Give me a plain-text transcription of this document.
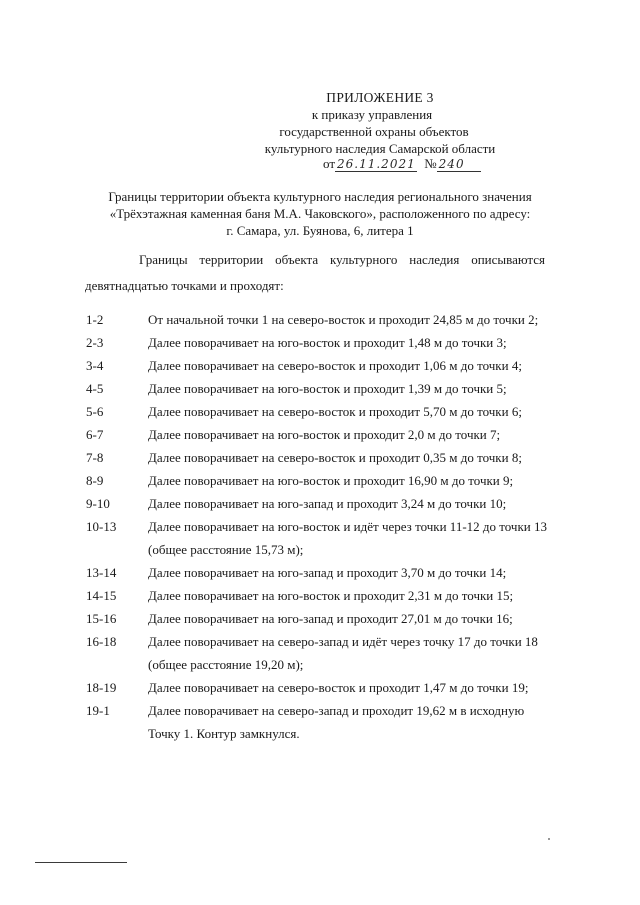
ПРИЛОЖЕНИЕ 3
к приказу управления
государственной охраны объектов
культурного наследия Самарской области
от 26.11.2021 № 240
Границы территории объекта культурного наследия регионального значения
«Трёхэтажная каменная баня М.А. Чаковского», расположенного по адресу:
г. Самара, ул. Буянова, 6, литера 1
Границы территории объекта культурного наследия описываются
девятнадцатью точками и проходят:
1-2	От начальной точки 1 на северо-восток и проходит 24,85 м до точки 2;
2-3	Далее поворачивает на юго-восток и проходит 1,48 м до точки 3;
3-4	Далее поворачивает на северо-восток и проходит 1,06 м до точки 4;
4-5	Далее поворачивает на юго-восток и проходит 1,39 м до точки 5;
5-6	Далее поворачивает на северо-восток и проходит 5,70 м до точки 6;
6-7	Далее поворачивает на юго-восток и проходит 2,0 м до точки 7;
7-8	Далее поворачивает на северо-восток и проходит 0,35 м до точки 8;
8-9	Далее поворачивает на юго-восток и проходит 16,90 м до точки 9;
9-10	Далее поворачивает на юго-запад и проходит 3,24 м до точки 10;
10-13	Далее поворачивает на юго-восток и идёт через точки 11-12 до точки 13
(общее расстояние 15,73 м);
13-14	Далее поворачивает на юго-запад и проходит 3,70 м до точки 14;
14-15	Далее поворачивает на юго-восток и проходит 2,31 м до точки 15;
15-16	Далее поворачивает на юго-запад и проходит 27,01 м до точки 16;
16-18	Далее поворачивает на северо-запад и идёт через точку 17 до точки 18
(общее расстояние 19,20 м);
18-19	Далее поворачивает на северо-восток и проходит 1,47 м до точки 19;
19-1	Далее поворачивает на северо-запад и проходит 19,62 м в исходную
Точку 1. Контур замкнулся.
